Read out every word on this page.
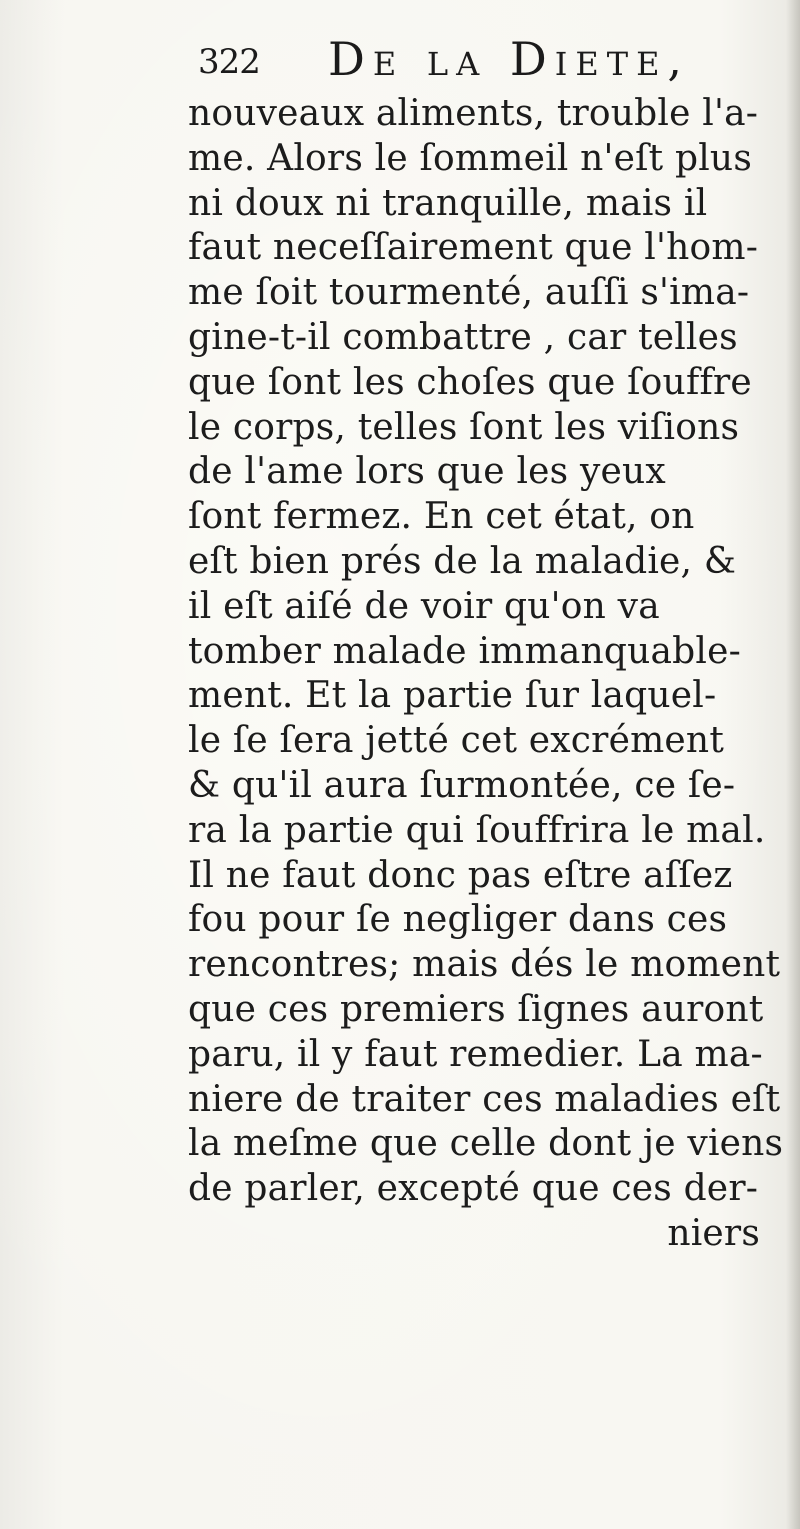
322 De la Diete,
nouveaux aliments, trouble l'a-
me. Alors le ſommeil n'eſt plus
ni doux ni tranquille, mais il
faut neceſſairement que l'hom-
me ſoit tourmenté, auſſi s'ima-
gine-t-il combattre , car telles
que ſont les choſes que ſouffre
le corps, telles ſont les viſions
de l'ame lors que les yeux
ſont fermez. En cet état, on
eſt bien prés de la maladie, &
il eſt aiſé de voir qu'on va
tomber malade immanquable-
ment. Et la partie ſur laquel-
le ſe ſera jetté cet excrément
& qu'il aura ſurmontée, ce ſe-
ra la partie qui ſouffrira le mal.
Il ne faut donc pas eſtre aſſez
fou pour ſe negliger dans ces
rencontres; mais dés le moment
que ces premiers ſignes auront
paru, il y faut remedier. La ma-
niere de traiter ces maladies eſt
la meſme que celle dont je viens
de parler, excepté que ces der-
niers
